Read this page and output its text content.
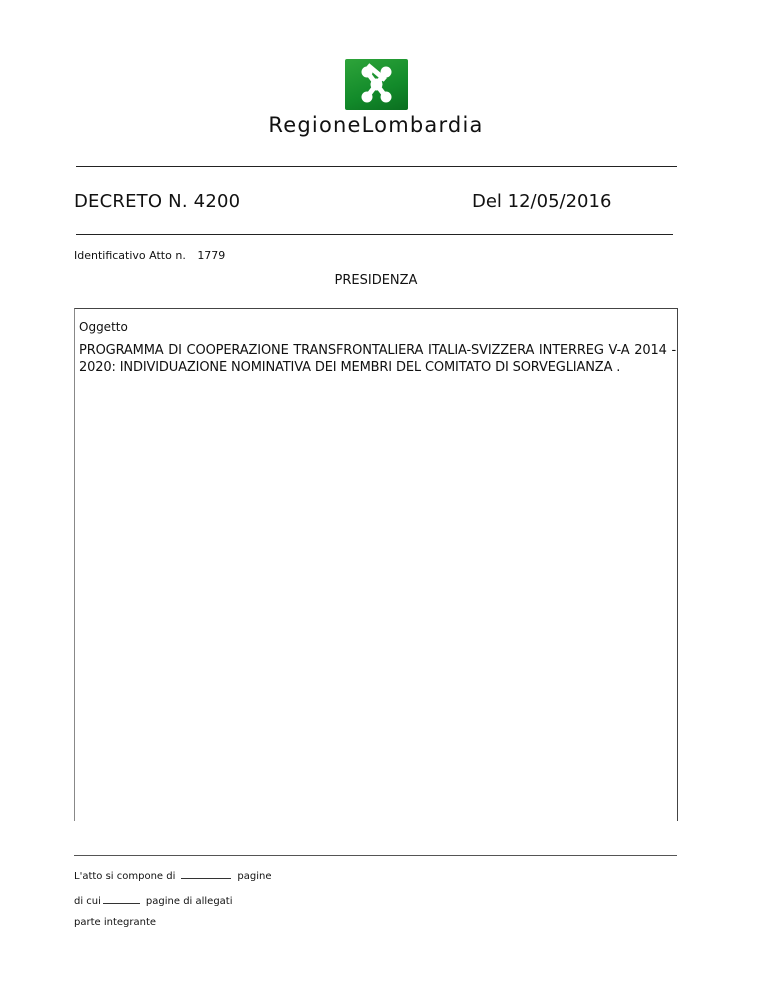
RegioneLombardia
DECRETO N. 4200	Del 12/05/2016
Identificativo Atto n. 1779
PRESIDENZA
Oggetto
PROGRAMMA DI COOPERAZIONE TRANSFRONTALIERA ITALIA-SVIZZERA INTERREG V-A 2014 - 2020: INDIVIDUAZIONE NOMINATIVA DEI MEMBRI DEL COMITATO DI SORVEGLIANZA .
L'atto si compone di	pagine
di cui	pagine di allegati
parte integrante
